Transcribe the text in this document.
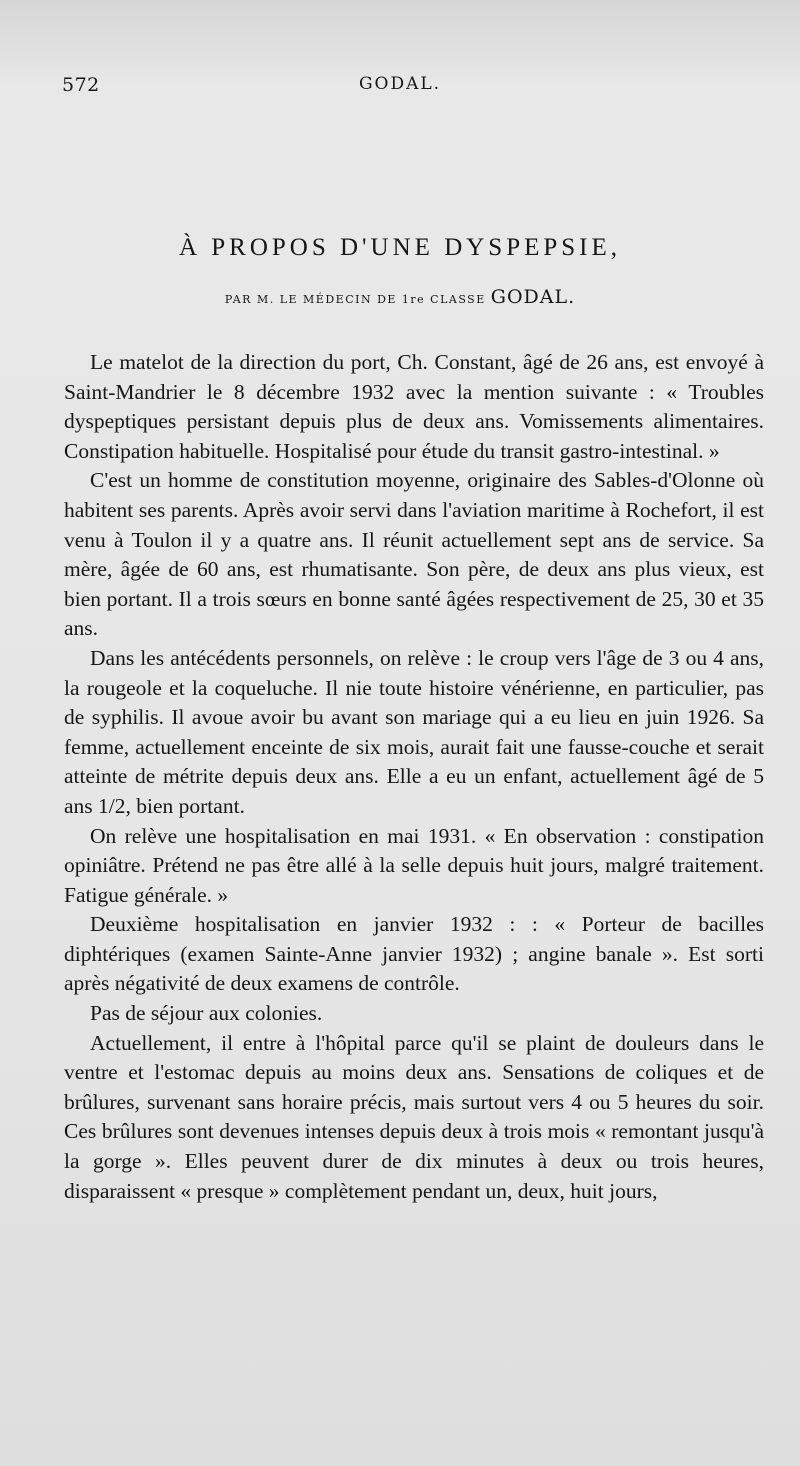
572	GODAL.
À PROPOS D'UNE DYSPEPSIE,
PAR M. LE MÉDECIN DE 1re CLASSE GODAL.

Le matelot de la direction du port, Ch. Constant, âgé de 26 ans, est envoyé à Saint-Mandrier le 8 décembre 1932 avec la mention suivante : « Troubles dyspeptiques persistant depuis plus de deux ans. Vomissements alimentaires. Constipation habituelle. Hospitalisé pour étude du transit gastro-intestinal. »

C'est un homme de constitution moyenne, originaire des Sables-d'Olonne où habitent ses parents. Après avoir servi dans l'aviation maritime à Rochefort, il est venu à Toulon il y a quatre ans. Il réunit actuellement sept ans de service. Sa mère, âgée de 60 ans, est rhumatisante. Son père, de deux ans plus vieux, est bien portant. Il a trois sœurs en bonne santé âgées respectivement de 25, 30 et 35 ans.

Dans les antécédents personnels, on relève : le croup vers l'âge de 3 ou 4 ans, la rougeole et la coqueluche. Il nie toute histoire vénérienne, en particulier, pas de syphilis. Il avoue avoir bu avant son mariage qui a eu lieu en juin 1926. Sa femme, actuellement enceinte de six mois, aurait fait une fausse-couche et serait atteinte de métrite depuis deux ans. Elle a eu un enfant, actuellement âgé de 5 ans 1/2, bien portant.

On relève une hospitalisation en mai 1931. « En observation : constipation opiniâtre. Prétend ne pas être allé à la selle depuis huit jours, malgré traitement. Fatigue générale. »

Deuxième hospitalisation en janvier 1932 : : « Porteur de bacilles diphtériques (examen Sainte-Anne janvier 1932) ; angine banale ». Est sorti après négativité de deux examens de contrôle.

Pas de séjour aux colonies.

Actuellement, il entre à l'hôpital parce qu'il se plaint de douleurs dans le ventre et l'estomac depuis au moins deux ans. Sensations de coliques et de brûlures, survenant sans horaire précis, mais surtout vers 4 ou 5 heures du soir. Ces brûlures sont devenues intenses depuis deux à trois mois « remontant jusqu'à la gorge ». Elles peuvent durer de dix minutes à deux ou trois heures, disparaissent « presque » complètement pendant un, deux, huit jours,
